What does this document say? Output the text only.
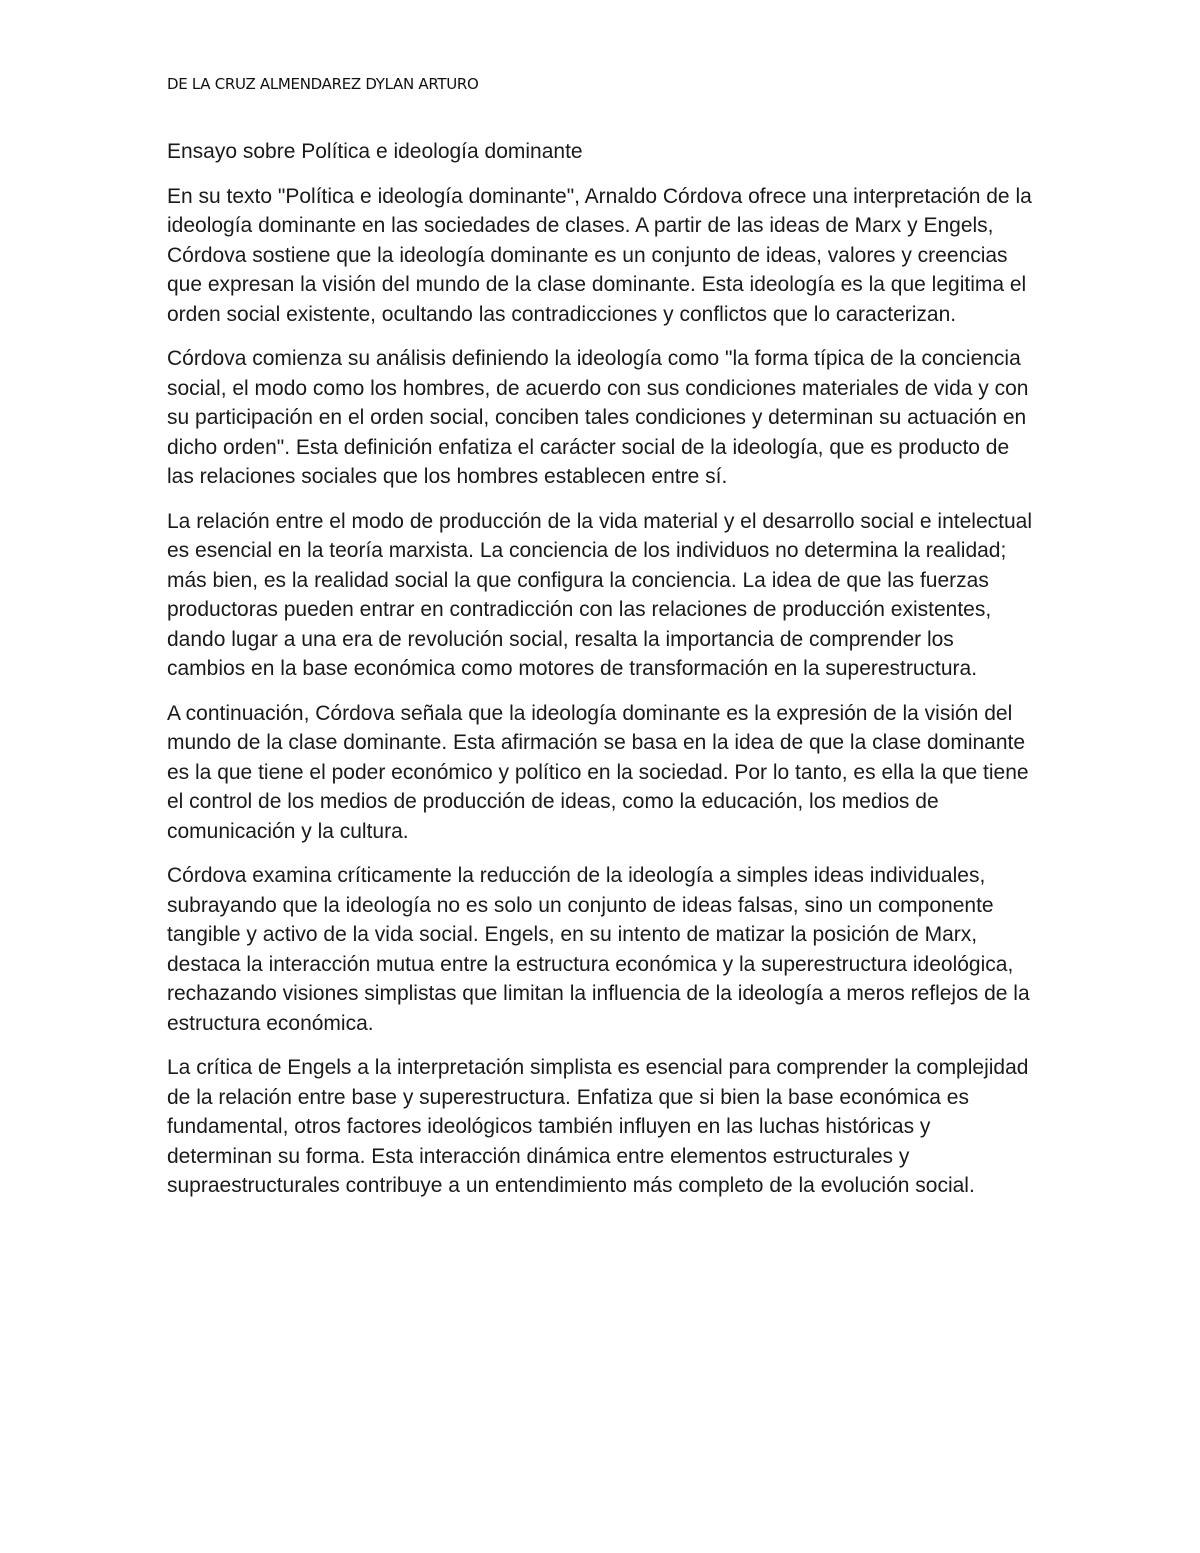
DE LA CRUZ ALMENDAREZ DYLAN ARTURO

Ensayo sobre Política e ideología dominante

En su texto "Política e ideología dominante", Arnaldo Córdova ofrece una interpretación de la ideología dominante en las sociedades de clases. A partir de las ideas de Marx y Engels, Córdova sostiene que la ideología dominante es un conjunto de ideas, valores y creencias que expresan la visión del mundo de la clase dominante. Esta ideología es la que legitima el orden social existente, ocultando las contradicciones y conflictos que lo caracterizan.

Córdova comienza su análisis definiendo la ideología como "la forma típica de la conciencia social, el modo como los hombres, de acuerdo con sus condiciones materiales de vida y con su participación en el orden social, conciben tales condiciones y determinan su actuación en dicho orden". Esta definición enfatiza el carácter social de la ideología, que es producto de las relaciones sociales que los hombres establecen entre sí.

La relación entre el modo de producción de la vida material y el desarrollo social e intelectual es esencial en la teoría marxista. La conciencia de los individuos no determina la realidad; más bien, es la realidad social la que configura la conciencia. La idea de que las fuerzas productoras pueden entrar en contradicción con las relaciones de producción existentes, dando lugar a una era de revolución social, resalta la importancia de comprender los cambios en la base económica como motores de transformación en la superestructura.

A continuación, Córdova señala que la ideología dominante es la expresión de la visión del mundo de la clase dominante. Esta afirmación se basa en la idea de que la clase dominante es la que tiene el poder económico y político en la sociedad. Por lo tanto, es ella la que tiene el control de los medios de producción de ideas, como la educación, los medios de comunicación y la cultura.

Córdova examina críticamente la reducción de la ideología a simples ideas individuales, subrayando que la ideología no es solo un conjunto de ideas falsas, sino un componente tangible y activo de la vida social. Engels, en su intento de matizar la posición de Marx, destaca la interacción mutua entre la estructura económica y la superestructura ideológica, rechazando visiones simplistas que limitan la influencia de la ideología a meros reflejos de la estructura económica.

La crítica de Engels a la interpretación simplista es esencial para comprender la complejidad de la relación entre base y superestructura. Enfatiza que si bien la base económica es fundamental, otros factores ideológicos también influyen en las luchas históricas y determinan su forma. Esta interacción dinámica entre elementos estructurales y supraestructurales contribuye a un entendimiento más completo de la evolución social.
